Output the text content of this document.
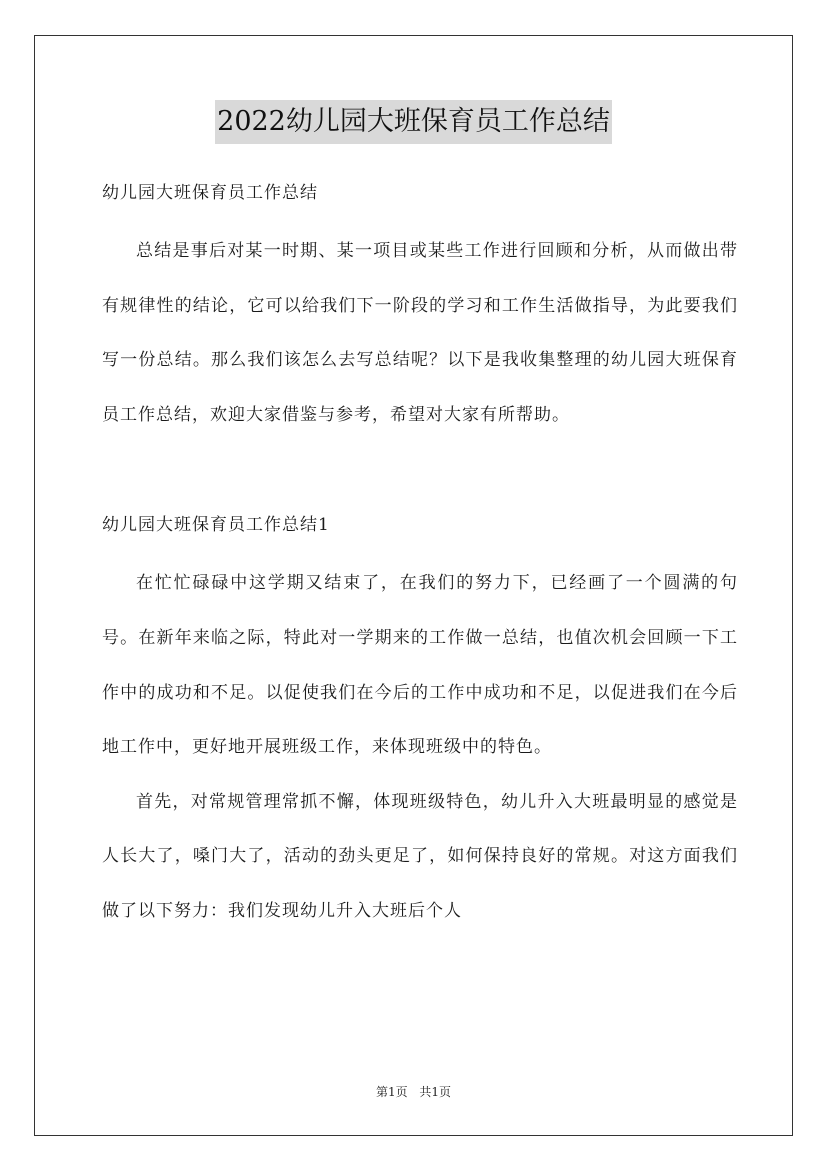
2022幼儿园大班保育员工作总结

幼儿园大班保育员工作总结

总结是事后对某一时期、某一项目或某些工作进行回顾和分析，从而做出带有规律性的结论，它可以给我们下一阶段的学习和工作生活做指导，为此要我们写一份总结。那么我们该怎么去写总结呢？以下是我收集整理的幼儿园大班保育员工作总结，欢迎大家借鉴与参考，希望对大家有所帮助。

幼儿园大班保育员工作总结1

在忙忙碌碌中这学期又结束了，在我们的努力下，已经画了一个圆满的句号。在新年来临之际，特此对一学期来的工作做一总结，也值次机会回顾一下工作中的成功和不足。以促使我们在今后的工作中成功和不足，以促进我们在今后地工作中，更好地开展班级工作，来体现班级中的特色。

首先，对常规管理常抓不懈，体现班级特色，幼儿升入大班最明显的感觉是人长大了，嗓门大了，活动的劲头更足了，如何保持良好的常规。对这方面我们做了以下努力：我们发现幼儿升入大班后个人

第1页 共1页
